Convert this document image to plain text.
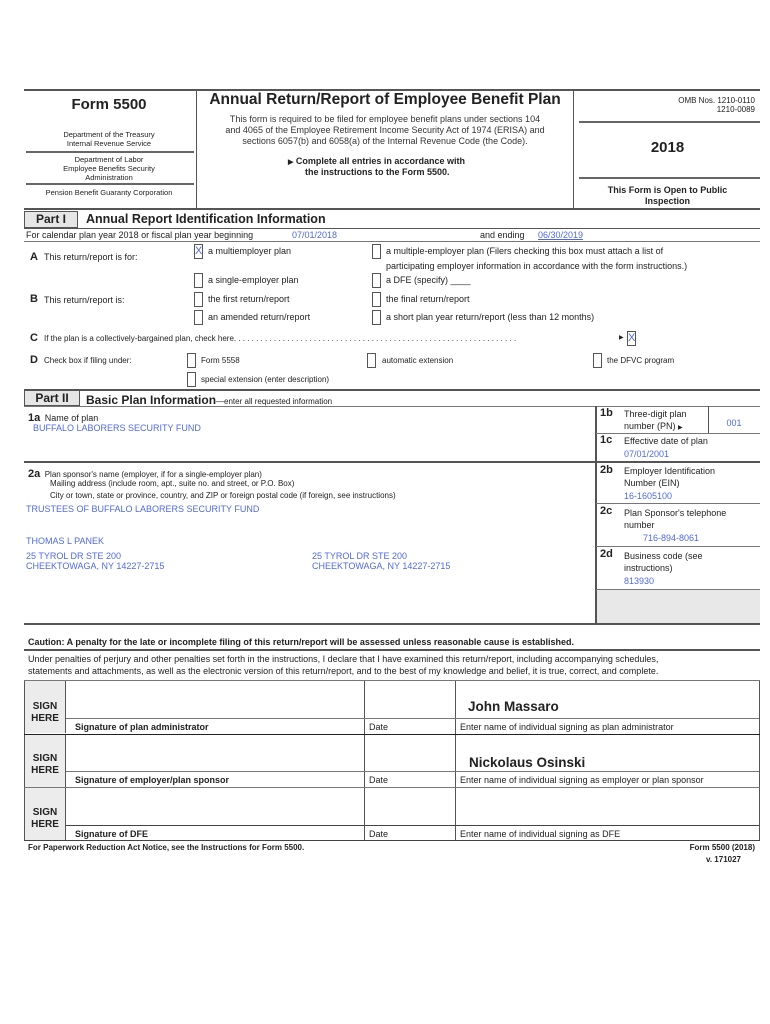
Form 5500
Department of the Treasury
Internal Revenue Service
Department of Labor
Employee Benefits Security
Administration
Pension Benefit Guaranty Corporation
Annual Return/Report of Employee Benefit Plan
This form is required to be filed for employee benefit plans under sections 104
and 4065 of the Employee Retirement Income Security Act of 1974 (ERISA) and
sections 6057(b) and 6058(a) of the Internal Revenue Code (the Code).
▶ Complete all entries in accordance with
the instructions to the Form 5500.
OMB Nos. 1210-0110
1210-0089
2018
This Form is Open to Public
Inspection
Part I	Annual Report Identification Information
For calendar plan year 2018 or fiscal plan year beginning	07/01/2018	and ending 06/30/2019
A This return/report is for:	X a multiemployer plan	a multiple-employer plan (Filers checking this box must attach a list of
participating employer information in accordance with the form instructions.)
a single-employer plan	a DFE (specify) ____
B This return/report is:	the first return/report	the final return/report
an amended return/report	a short plan year return/report (less than 12 months)
C If the plan is a collectively-bargained plan, check here. . . . . . . . . . . . . . . . . . . . . . . . . . . . . . . . . . . . . . . . . . . . . . . . . . . . . . . . . . . . . . . .	▶ X
D Check box if filing under:	Form 5558	automatic extension	the DFVC program
special extension (enter description)
Part II	Basic Plan Information—enter all requested information
1a Name of plan
BUFFALO LABORERS SECURITY FUND
1b Three-digit plan
number (PN) ▶	001
1c Effective date of plan
07/01/2001
2a Plan sponsor's name (employer, if for a single-employer plan)
Mailing address (include room, apt., suite no. and street, or P.O. Box)
City or town, state or province, country, and ZIP or foreign postal code (if foreign, see instructions)
TRUSTEES OF BUFFALO LABORERS SECURITY FUND
THOMAS L PANEK
25 TYROL DR STE 200
CHEEKTOWAGA, NY 14227-2715
25 TYROL DR STE 200
CHEEKTOWAGA, NY 14227-2715
2b Employer Identification
Number (EIN)
16-1605100
2c Plan Sponsor's telephone
number
716-894-8061
2d Business code (see
instructions)
813930
Caution: A penalty for the late or incomplete filing of this return/report will be assessed unless reasonable cause is established.
Under penalties of perjury and other penalties set forth in the instructions, I declare that I have examined this return/report, including accompanying schedules,
statements and attachments, as well as the electronic version of this return/report, and to the best of my knowledge and belief, it is true, correct, and complete.
SIGN
HERE
John Massaro
Signature of plan administrator	Date	Enter name of individual signing as plan administrator
SIGN
HERE
Nickolaus Osinski
Signature of employer/plan sponsor	Date	Enter name of individual signing as employer or plan sponsor
SIGN
HERE
Signature of DFE	Date	Enter name of individual signing as DFE
For Paperwork Reduction Act Notice, see the Instructions for Form 5500.	Form 5500 (2018)
v. 171027
